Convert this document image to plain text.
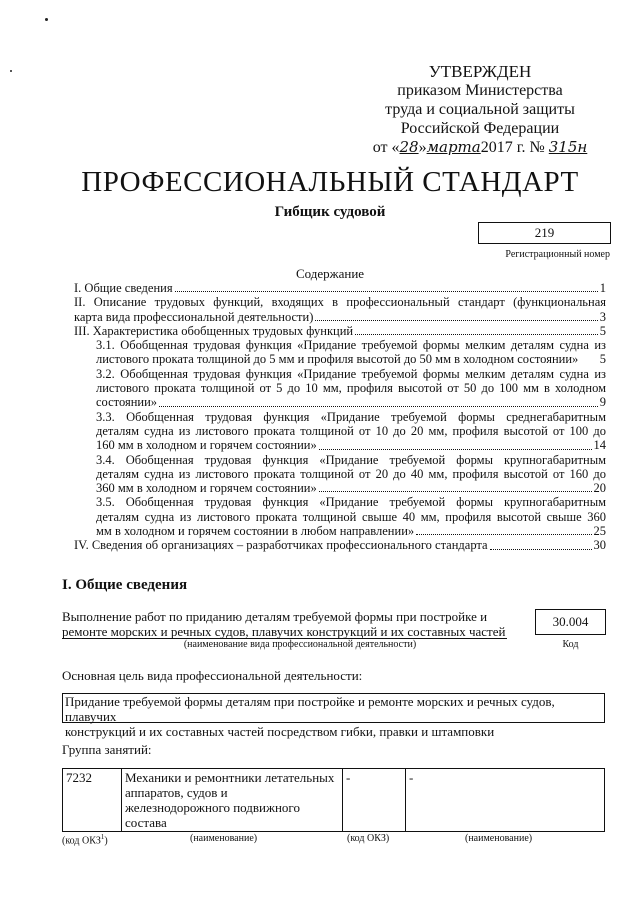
УТВЕРЖДЕН
приказом Министерства
труда и социальной защиты
Российской Федерации
от «28»марта2017 г. № 315н
ПРОФЕССИОНАЛЬНЫЙ СТАНДАРТ
Гибщик судовой
219
Регистрационный номер
Содержание
I. Общие сведения	1
II. Описание трудовых функций, входящих в профессиональный стандарт (функциональная
карта вида профессиональной деятельности)	3
III. Характеристика обобщенных трудовых функций	5
3.1. Обобщенная трудовая функция «Придание требуемой формы мелким деталям судна из
листового проката толщиной до 5 мм и профиля высотой до 50 мм в холодном состоянии» 5
3.2. Обобщенная трудовая функция «Придание требуемой формы мелким деталям судна из
листового проката толщиной от 5 до 10 мм, профиля высотой от 50 до 100 мм в холодном
состоянии»	9
3.3. Обобщенная трудовая функция «Придание требуемой формы среднегабаритным
деталям судна из листового проката толщиной от 10 до 20 мм, профиля высотой от 100 до
160 мм в холодном и горячем состоянии»	14
3.4. Обобщенная трудовая функция «Придание требуемой формы крупногабаритным
деталям судна из листового проката толщиной от 20 до 40 мм, профиля высотой от 160 до
360 мм в холодном и горячем состоянии»	20
3.5. Обобщенная трудовая функция «Придание требуемой формы крупногабаритным
деталям судна из листового проката толщиной свыше 40 мм, профиля высотой свыше 360
мм в холодном и горячем состоянии в любом направлении»	25
IV. Сведения об организациях – разработчиках профессионального стандарта	30
I. Общие сведения
Выполнение работ по приданию деталям требуемой формы при постройке и
ремонте морских и речных судов, плавучих конструкций и их составных частей
(наименование вида профессиональной деятельности)
30.004
Код
Основная цель вида профессиональной деятельности:
Придание требуемой формы деталям при постройке и ремонте морских и речных судов, плавучих
конструкций и их составных частей посредством гибки, правки и штамповки
Группа занятий:
7232	Механики и ремонтники летательных
аппаратов, судов и
железнодорожного подвижного
состава
	-	-
(код ОКЗ$^1$)	(наименование)	(код ОКЗ)	(наименование)
